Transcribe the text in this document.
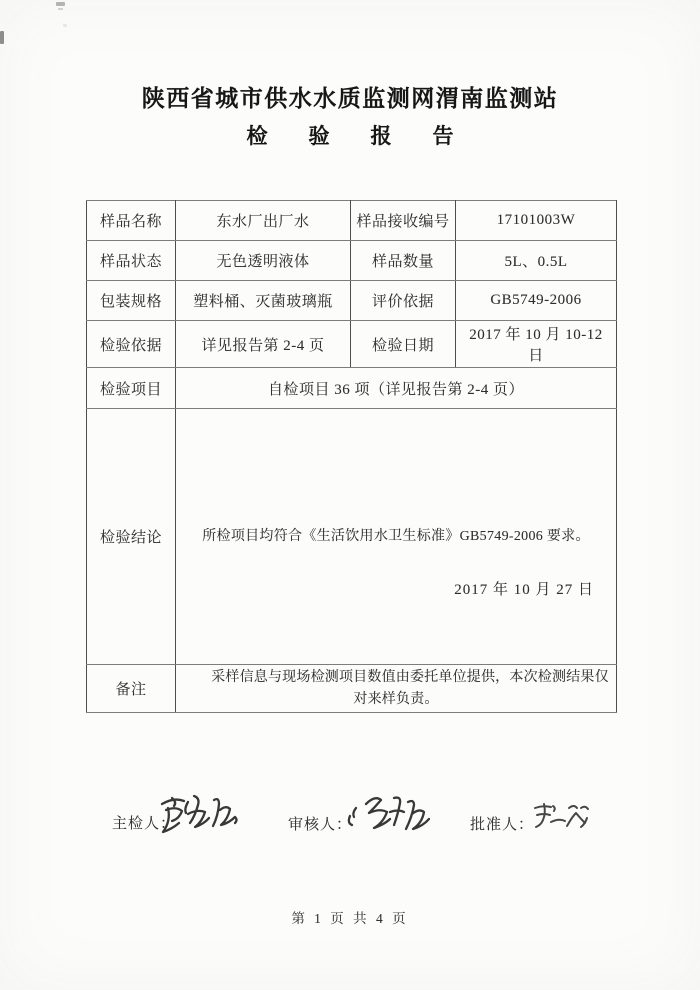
陕西省城市供水水质监测网渭南监测站
检验报告
样品名称	东水厂出厂水	样品接收编号	17101003W
样品状态	无色透明液体	样品数量	5L、0.5L
包装规格	塑料桶、灭菌玻璃瓶	评价依据	GB5749-2006
检验依据	详见报告第 2-4 页	检验日期	2017 年 10 月 10-12 日
检验项目	自检项目 36 项（详见报告第 2-4 页）		
检验结论	所检项目均符合《生活饮用水卫生标准》GB5749-2006 要求。
2017 年 10 月 27 日		

备注	采样信息与现场检测项目数值由委托单位提供，本次检测结果仅对来样负责。		
主检人：	审核人：	批准人：
第 1 页 共 4 页
